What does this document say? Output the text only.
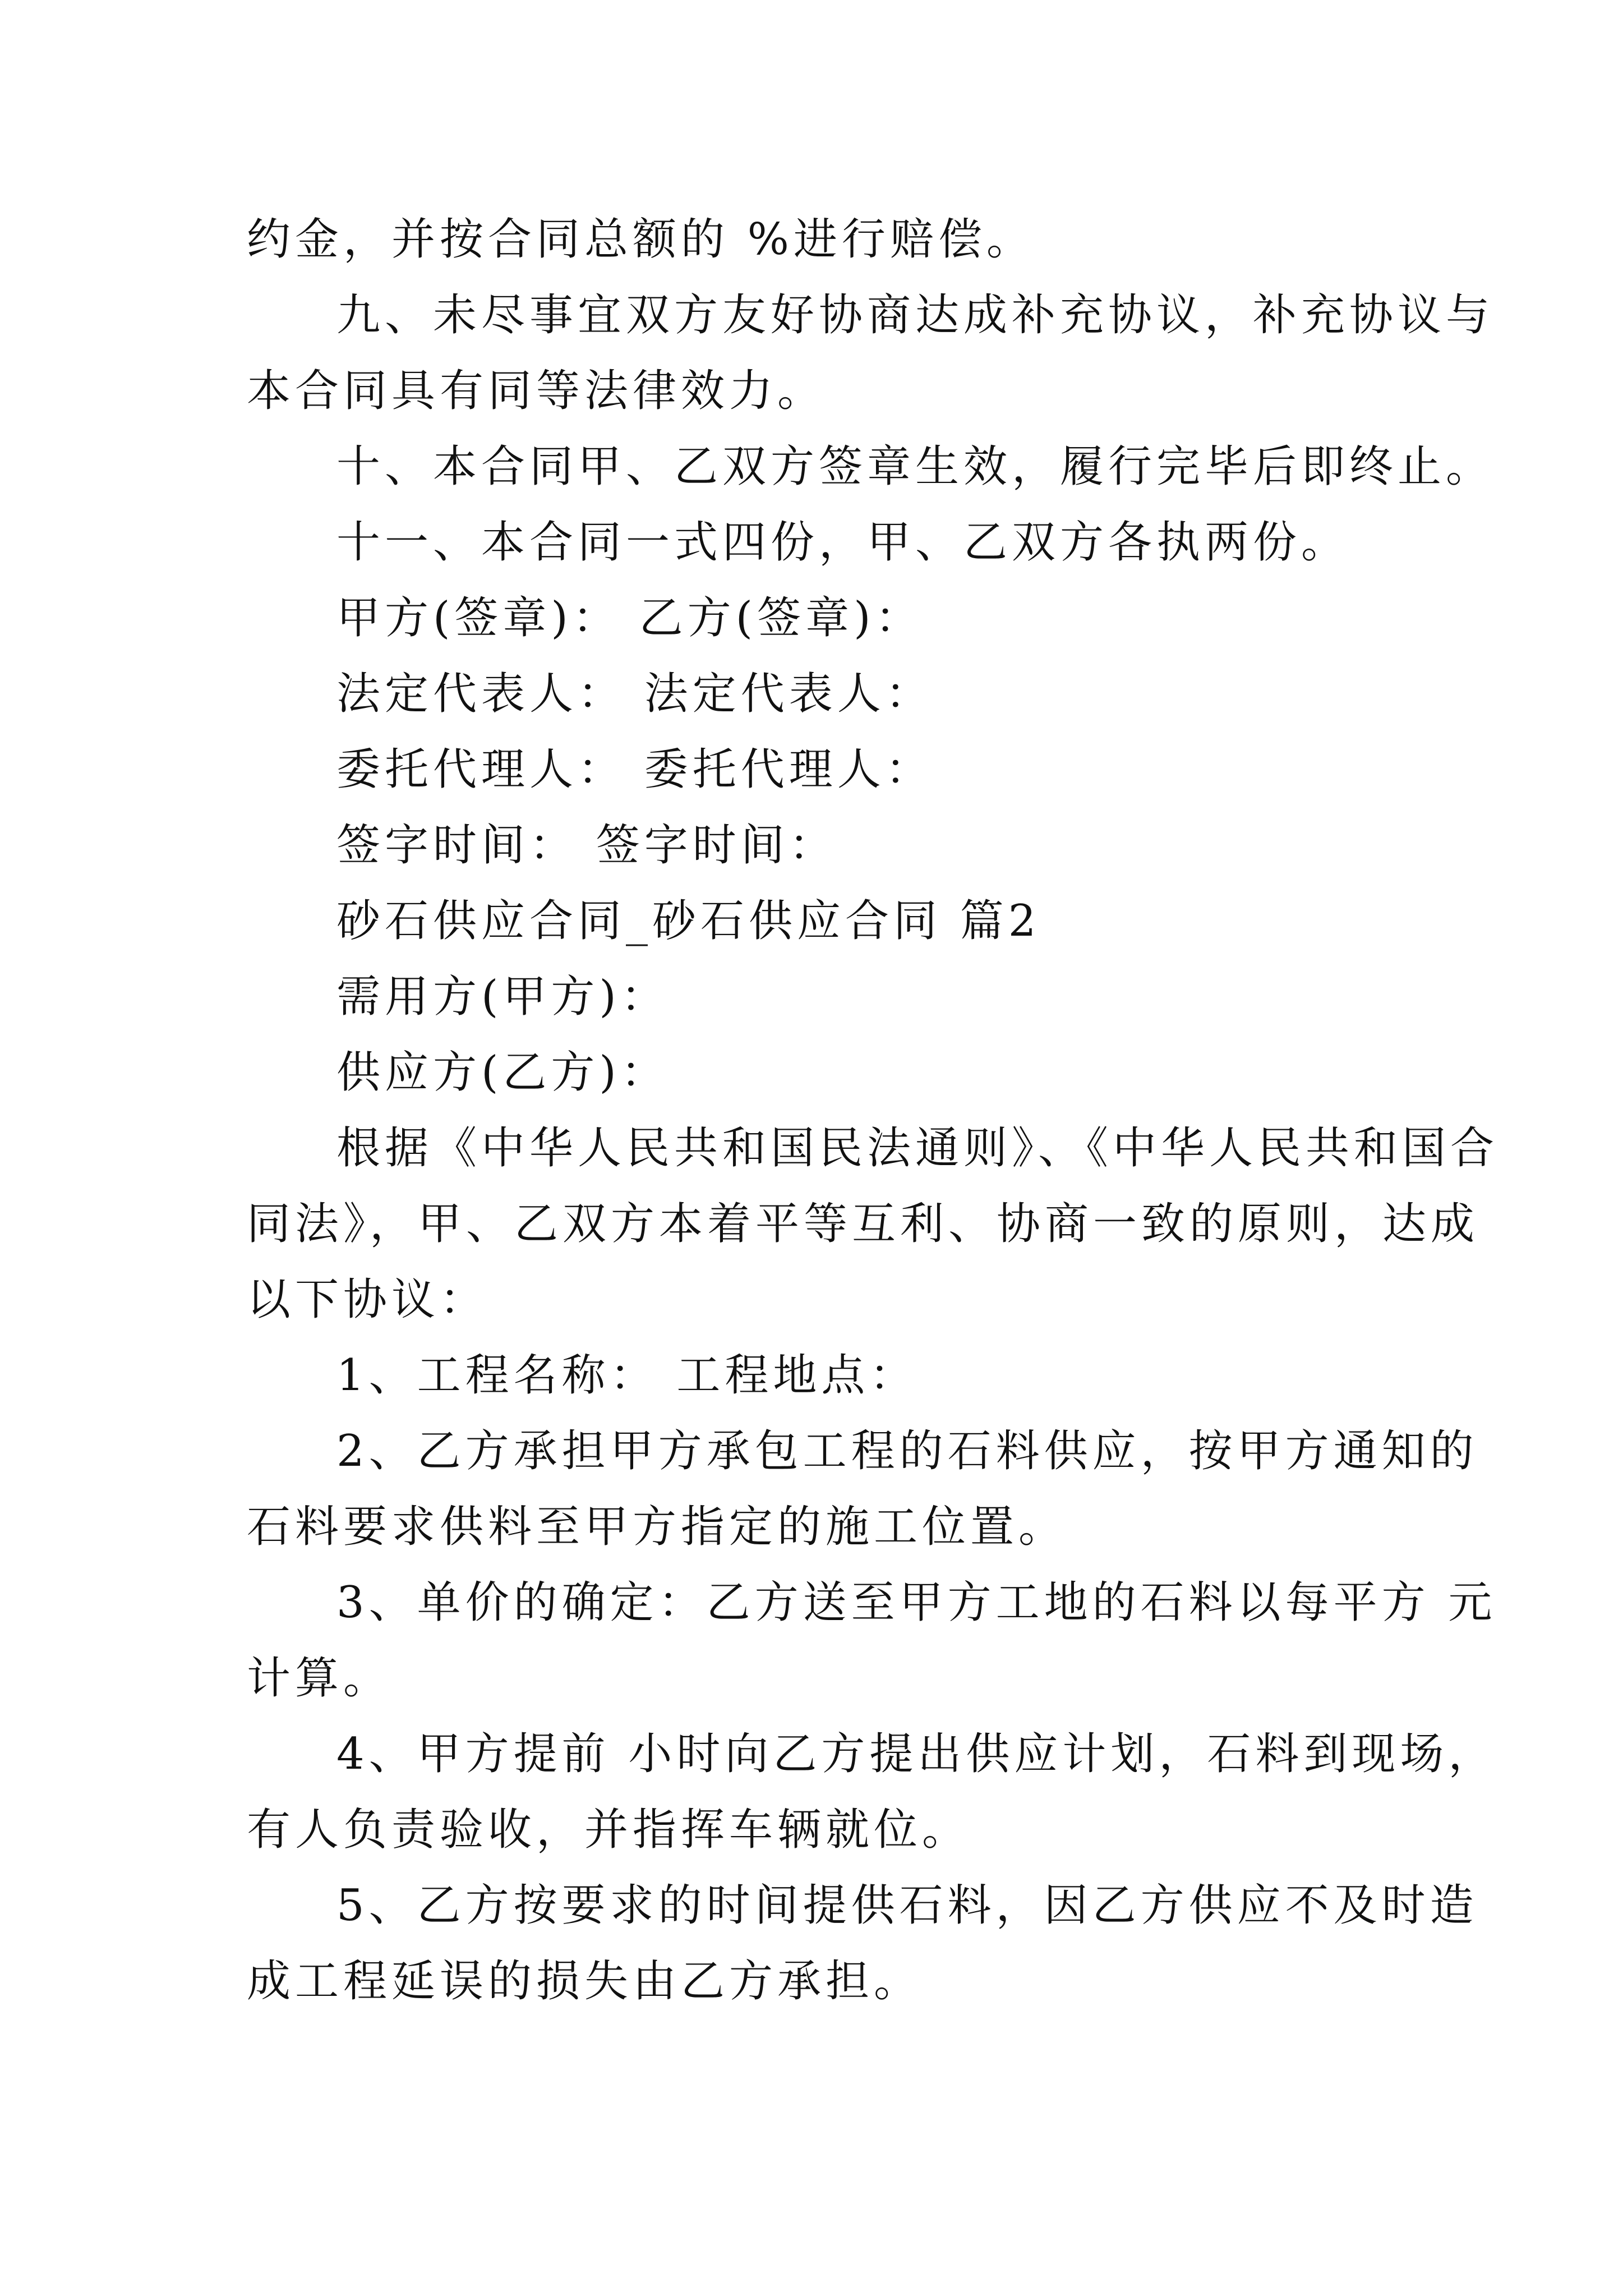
约金，并按合同总额的 %进行赔偿。
九、未尽事宜双方友好协商达成补充协议，补充协议与
本合同具有同等法律效力。
十、本合同甲、乙双方签章生效，履行完毕后即终止。
十一、本合同一式四份，甲、乙双方各执两份。
甲方(签章)： 乙方(签章)：
法定代表人： 法定代表人：
委托代理人： 委托代理人：
签字时间： 签字时间：
砂石供应合同_砂石供应合同 篇2
需用方(甲方)：
供应方(乙方)：
根据《中华人民共和国民法通则》、《中华人民共和国合
同法》，甲、乙双方本着平等互利、协商一致的原则，达成
以下协议：
1、工程名称： 工程地点：
2、乙方承担甲方承包工程的石料供应，按甲方通知的
石料要求供料至甲方指定的施工位置。
3、单价的确定：乙方送至甲方工地的石料以每平方 元
计算。
4、甲方提前 小时向乙方提出供应计划，石料到现场，
有人负责验收，并指挥车辆就位。
5、乙方按要求的时间提供石料，因乙方供应不及时造
成工程延误的损失由乙方承担。
